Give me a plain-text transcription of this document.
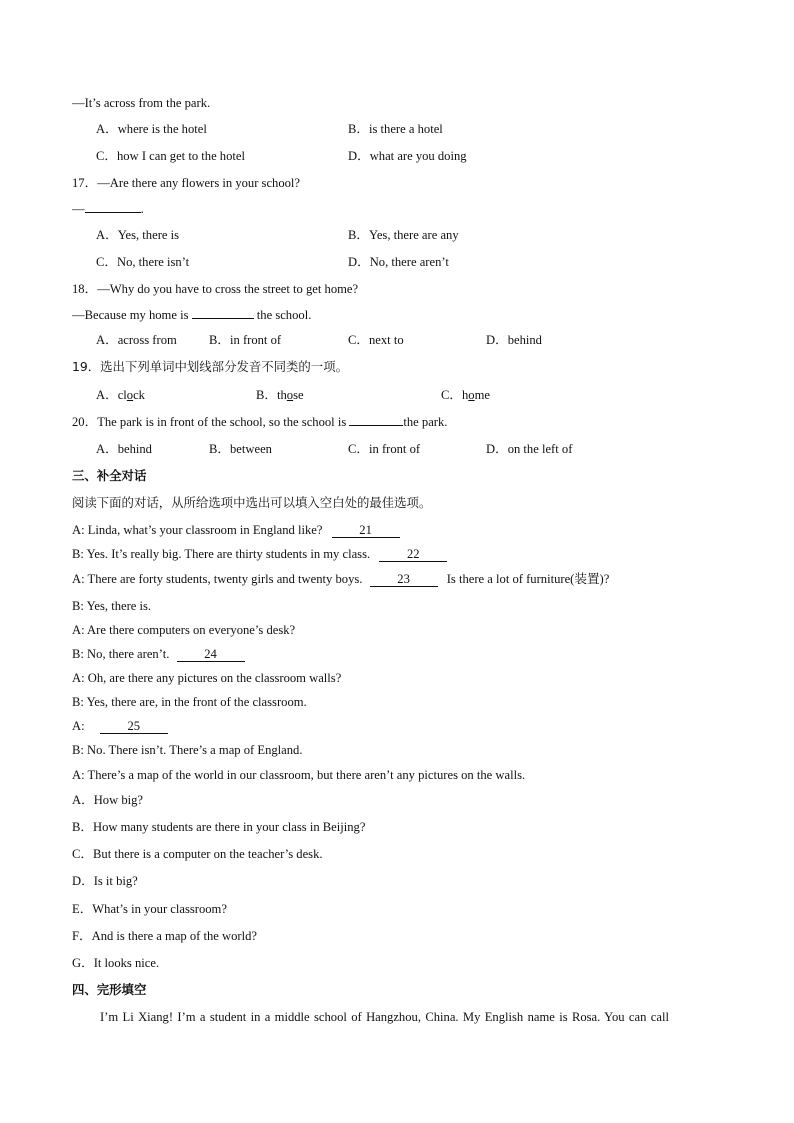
—It’s across from the park.
A．where is the hotel	B．is there a hotel
C．how I can get to the hotel	D．what are you doing
17．—Are there any flowers in your school?
—	.
A．Yes, there is	B．Yes, there are any
C．No, there isn’t	D．No, there aren’t
18．—Why do you have to cross the street to get home?
—Because my home is	the school.
A．across from	B．in front of	C．next to	D．behind
19．选出下列单词中划线部分发音不同类的一项。
A．clock	B．those	C．home
20．The park is in front of the school, so the school is	the park.
A．behind	B．between	C．in front of	D．on the left of
三、补全对话
阅读下面的对话，从所给选项中选出可以填入空白处的最佳选项。
A: Linda, what’s your classroom in England like?	21
B: Yes. It’s really big. There are thirty students in my class.	22
A: There are forty students, twenty girls and twenty boys.	23	Is there a lot of furniture(装置)?
B: Yes, there is.
A: Are there computers on everyone’s desk?
B: No, there aren’t.	24
A: Oh, are there any pictures on the classroom walls?
B: Yes, there are, in the front of the classroom.
A:	25
B: No. There isn’t. There’s a map of England.
A: There’s a map of the world in our classroom, but there aren’t any pictures on the walls.
A．How big?
B．How many students are there in your class in Beijing?
C．But there is a computer on the teacher’s desk.
D．Is it big?
E．What’s in your classroom?
F．And is there a map of the world?
G．It looks nice.
四、完形填空
I’m Li Xiang! I’m a student in a middle school of Hangzhou, China. My English name is Rosa. You can call
